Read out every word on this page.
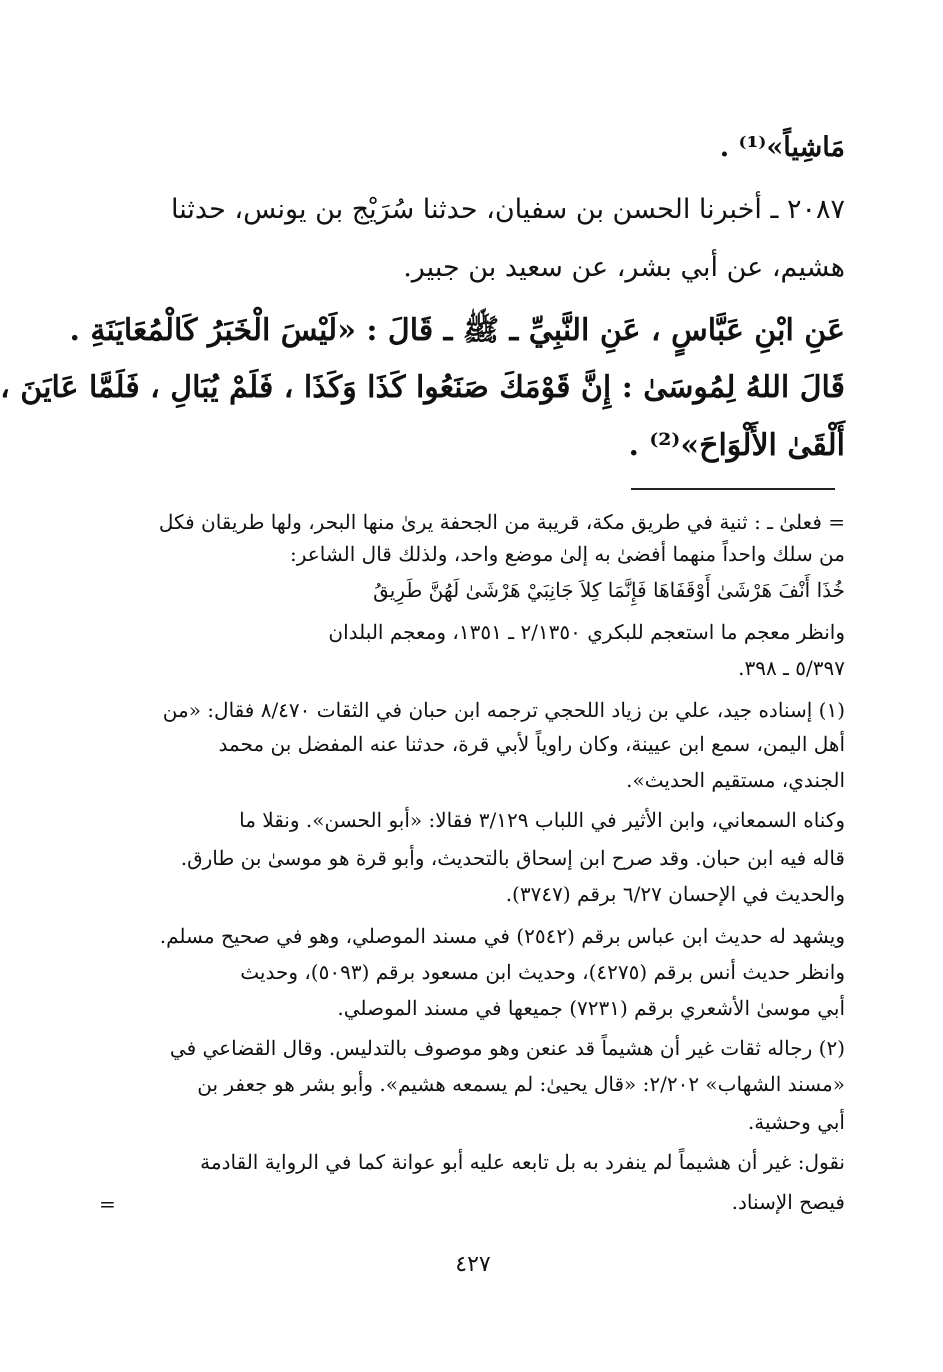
مَاشِياً»⁽¹⁾ .
٢٠٨٧ ـ أخبرنا الحسن بن سفيان، حدثنا سُرَيْج بن يونس، حدثنا
هشيم، عن أبي بشر، عن سعيد بن جبير.
عَنِ ابْنِ عَبَّاسٍ ، عَنِ النَّبِيِّ ـ ﷺ ـ قَالَ : «لَيْسَ الْخَبَرُ كَالْمُعَايَنَةِ .
قَالَ اللهُ لِمُوسَىٰ : إِنَّ قَوْمَكَ صَنَعُوا كَذَا وَكَذَا ، فَلَمْ يُبَالِ ، فَلَمَّا عَايَنَ ،
أَلْقَىٰ الأَلْوَاحَ»⁽²⁾ .
= فعلىٰ ـ : ثنية في طريق مكة، قريبة من الجحفة يرىٰ منها البحر، ولها طريقان فكل
من سلك واحداً منهما أفضىٰ به إلىٰ موضع واحد، ولذلك قال الشاعر:
خُذَا أَنْفَ هَرْشَىٰ أَوْقَفَاهَا فَإِنَّمَا كِلاَ جَانِبَيْ هَرْشَىٰ لَهُنَّ طَرِيقُ
وانظر معجم ما استعجم للبكري ٢/١٣٥٠ ـ ١٣٥١، ومعجم البلدان
٥/٣٩٧ ـ ٣٩٨.
(١) إسناده جيد، علي بن زياد اللحجي ترجمه ابن حبان في الثقات ٨/٤٧٠ فقال: «من
أهل اليمن، سمع ابن عيينة، وكان راوياً لأبي قرة، حدثنا عنه المفضل بن محمد
الجندي، مستقيم الحديث».
وكناه السمعاني، وابن الأثير في اللباب ٣/١٢٩ فقالا: «أبو الحسن». ونقلا ما
قاله فيه ابن حبان. وقد صرح ابن إسحاق بالتحديث، وأبو قرة هو موسىٰ بن طارق.
والحديث في الإحسان ٦/٢٧ برقم (٣٧٤٧).
ويشهد له حديث ابن عباس برقم (٢٥٤٢) في مسند الموصلي، وهو في صحيح مسلم.
وانظر حديث أنس برقم (٤٢٧٥)، وحديث ابن مسعود برقم (٥٠٩٣)، وحديث
أبي موسىٰ الأشعري برقم (٧٢٣١) جميعها في مسند الموصلي.
(٢) رجاله ثقات غير أن هشيماً قد عنعن وهو موصوف بالتدليس. وقال القضاعي في
«مسند الشهاب» ٢/٢٠٢: «قال يحيىٰ: لم يسمعه هشيم». وأبو بشر هو جعفر بن
أبي وحشية.
نقول: غير أن هشيماً لم ينفرد به بل تابعه عليه أبو عوانة كما في الرواية القادمة
فيصح الإسناد.
=
٤٢٧
